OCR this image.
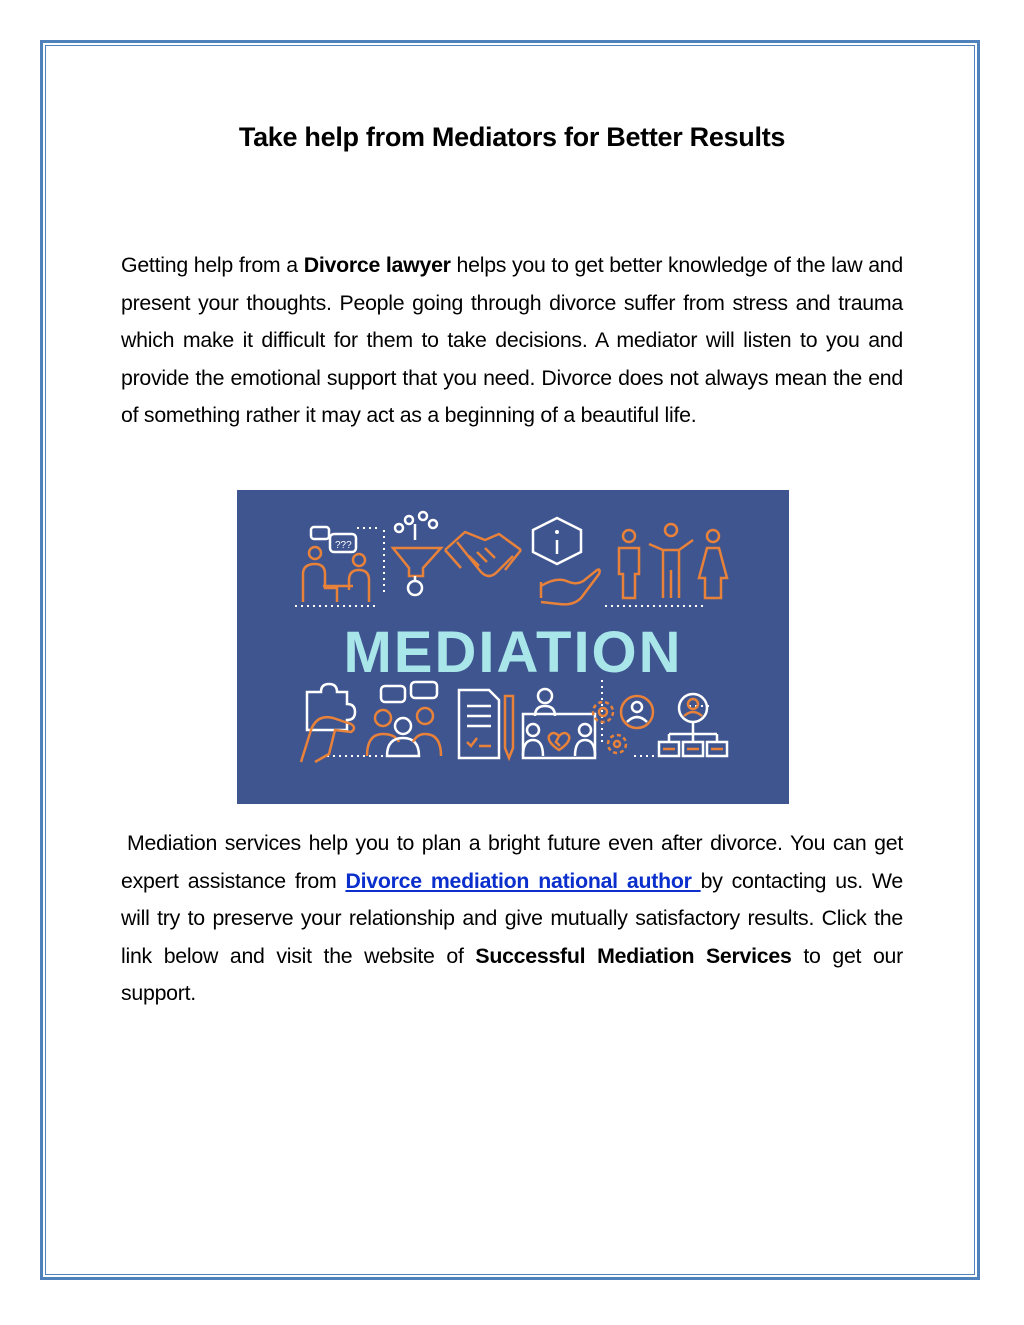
Take help from Mediators for Better Results

Getting help from a Divorce lawyer helps you to get better knowledge of the law and present your thoughts. People going through divorce suffer from stress and trauma which make it difficult for them to take decisions. A mediator will listen to you and provide the emotional support that you need. Divorce does not always mean the end of something rather it may act as a beginning of a beautiful life.

???
MEDIATION

Mediation services help you to plan a bright future even after divorce. You can get expert assistance from Divorce mediation national author by contacting us. We will try to preserve your relationship and give mutually satisfactory results. Click the link below and visit the website of Successful Mediation Services to get our support.
